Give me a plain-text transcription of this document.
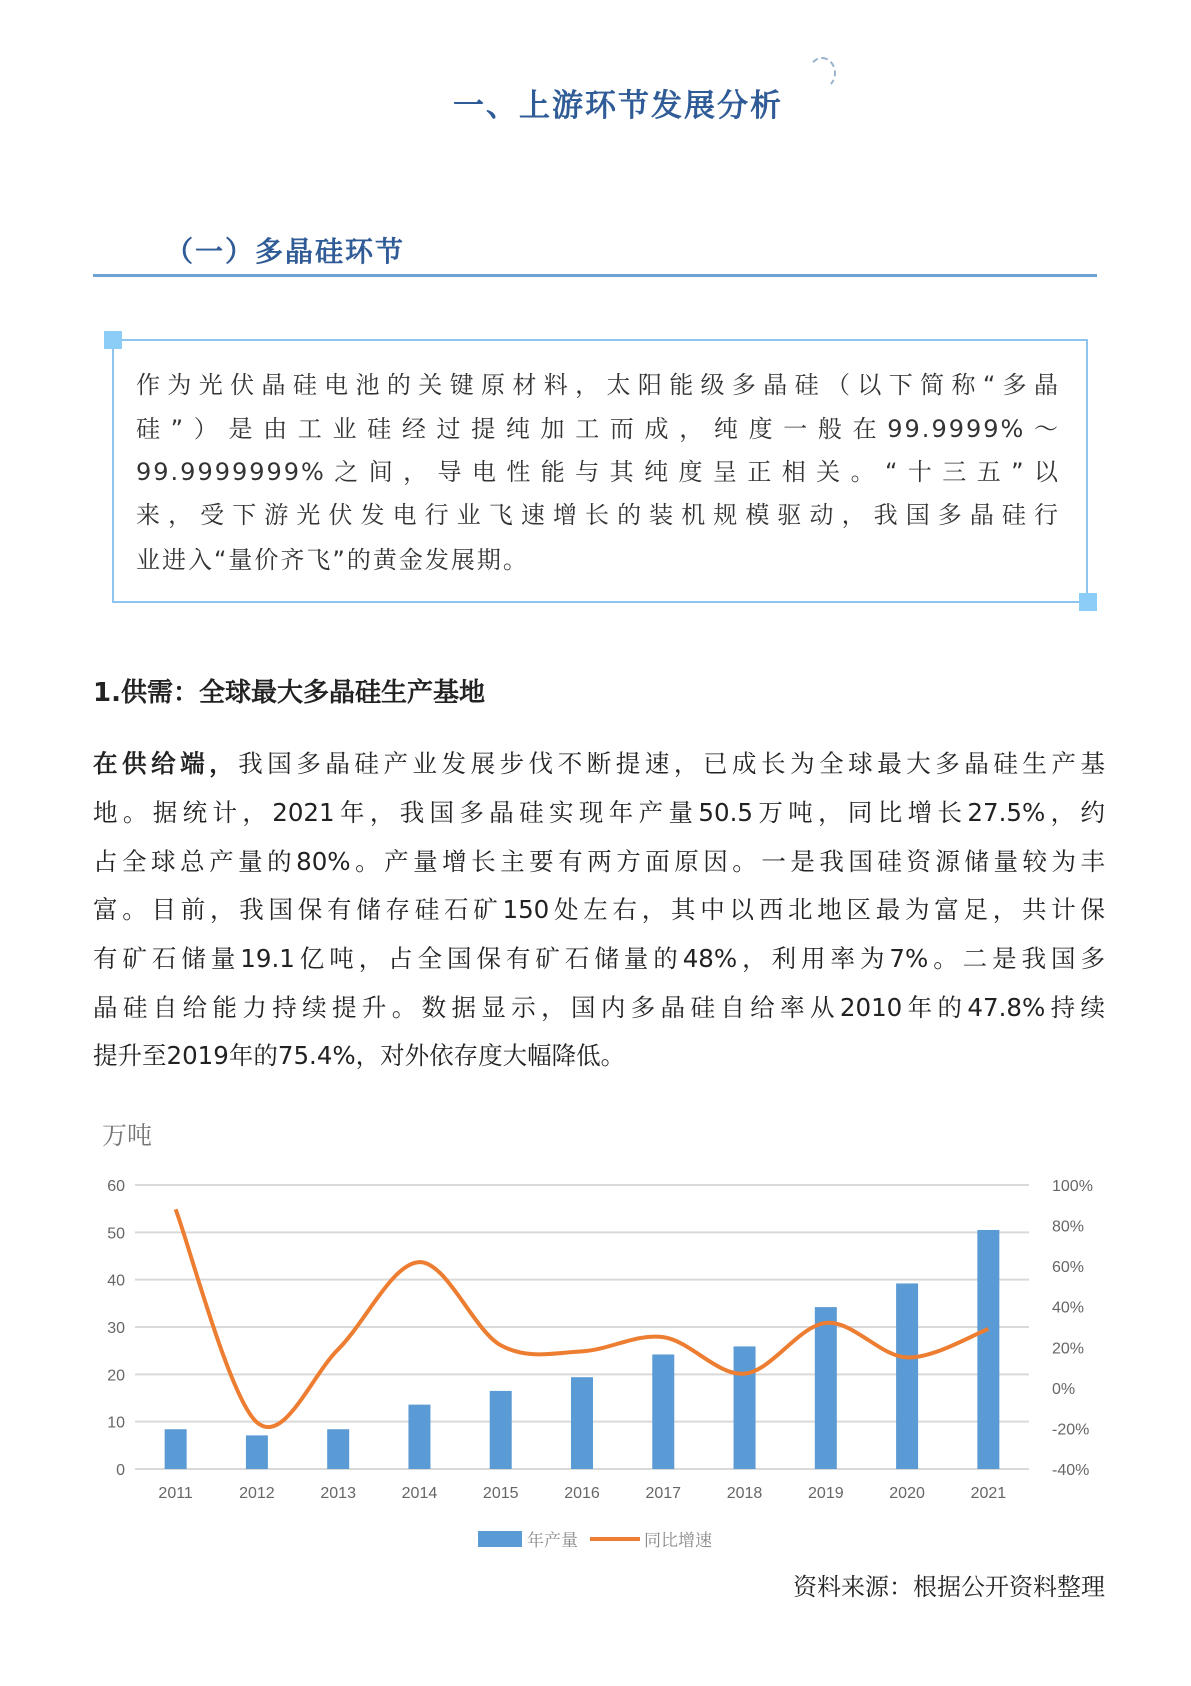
一、上游环节发展分析
（一）多晶硅环节
作为光伏晶硅电池的关键原材料，太阳能级多晶硅（以下简称“多晶
硅”）是由工业硅经过提纯加工而成，纯度一般在99.9999%～
99.9999999%之间，导电性能与其纯度呈正相关。“十三五”以
来，受下游光伏发电行业飞速增长的装机规模驱动，我国多晶硅行
业进入“量价齐飞”的黄金发展期。
1.供需：全球最大多晶硅生产基地
在供给端，我国多晶硅产业发展步伐不断提速，已成长为全球最大多晶硅生产基
地。据统计，2021年，我国多晶硅实现年产量50.5万吨，同比增长27.5%，约
占全球总产量的80%。产量增长主要有两方面原因。一是我国硅资源储量较为丰
富。目前，我国保有储存硅石矿150处左右，其中以西北地区最为富足，共计保
有矿石储量19.1亿吨，占全国保有矿石储量的48%，利用率为7%。二是我国多
晶硅自给能力持续提升。数据显示，国内多晶硅自给率从2010年的47.8%持续
提升至2019年的75.4%，对外依存度大幅降低。
万吨
0
10
20
30
40
50
60
-40%
-20%
0%
20%
40%
60%
80%
100%
2011	2012	2013	2014	2015	2016	2017	2018	2019	2020	2021
年产量	同比增速
资料来源：根据公开资料整理
